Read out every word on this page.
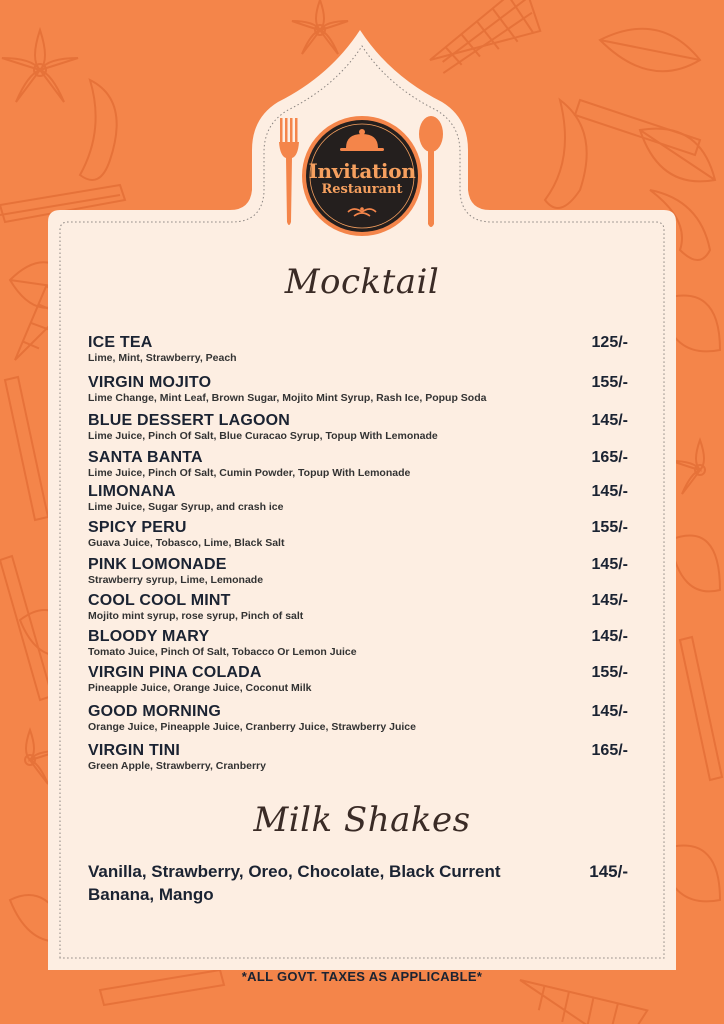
Invitation
Restaurant
Mocktail
ICE TEA
Lime, Mint, Strawberry, Peach
125/-
VIRGIN MOJITO
Lime Change, Mint Leaf, Brown Sugar, Mojito Mint Syrup, Rash Ice, Popup Soda
155/-
BLUE DESSERT LAGOON
Lime Juice, Pinch Of Salt, Blue Curacao Syrup, Topup With Lemonade
145/-
SANTA BANTA
Lime Juice, Pinch Of Salt, Cumin Powder, Topup With Lemonade
165/-
LIMONANA
Lime Juice, Sugar Syrup, and crash ice
145/-
SPICY PERU
Guava Juice, Tobasco, Lime, Black Salt
155/-
PINK LOMONADE
Strawberry syrup, Lime, Lemonade
145/-
COOL COOL MINT
Mojito mint syrup, rose syrup, Pinch of salt
145/-
BLOODY MARY
Tomato Juice, Pinch Of Salt, Tobacco Or Lemon Juice
145/-
VIRGIN PINA COLADA
Pineapple Juice, Orange Juice, Coconut Milk
155/-
GOOD MORNING
Orange Juice, Pineapple Juice, Cranberry Juice, Strawberry Juice
145/-
VIRGIN TINI
Green Apple, Strawberry, Cranberry
165/-
Milk Shakes
Vanilla, Strawberry, Oreo, Chocolate, Black Current
Banana, Mango
145/-
*ALL GOVT. TAXES AS APPLICABLE*
